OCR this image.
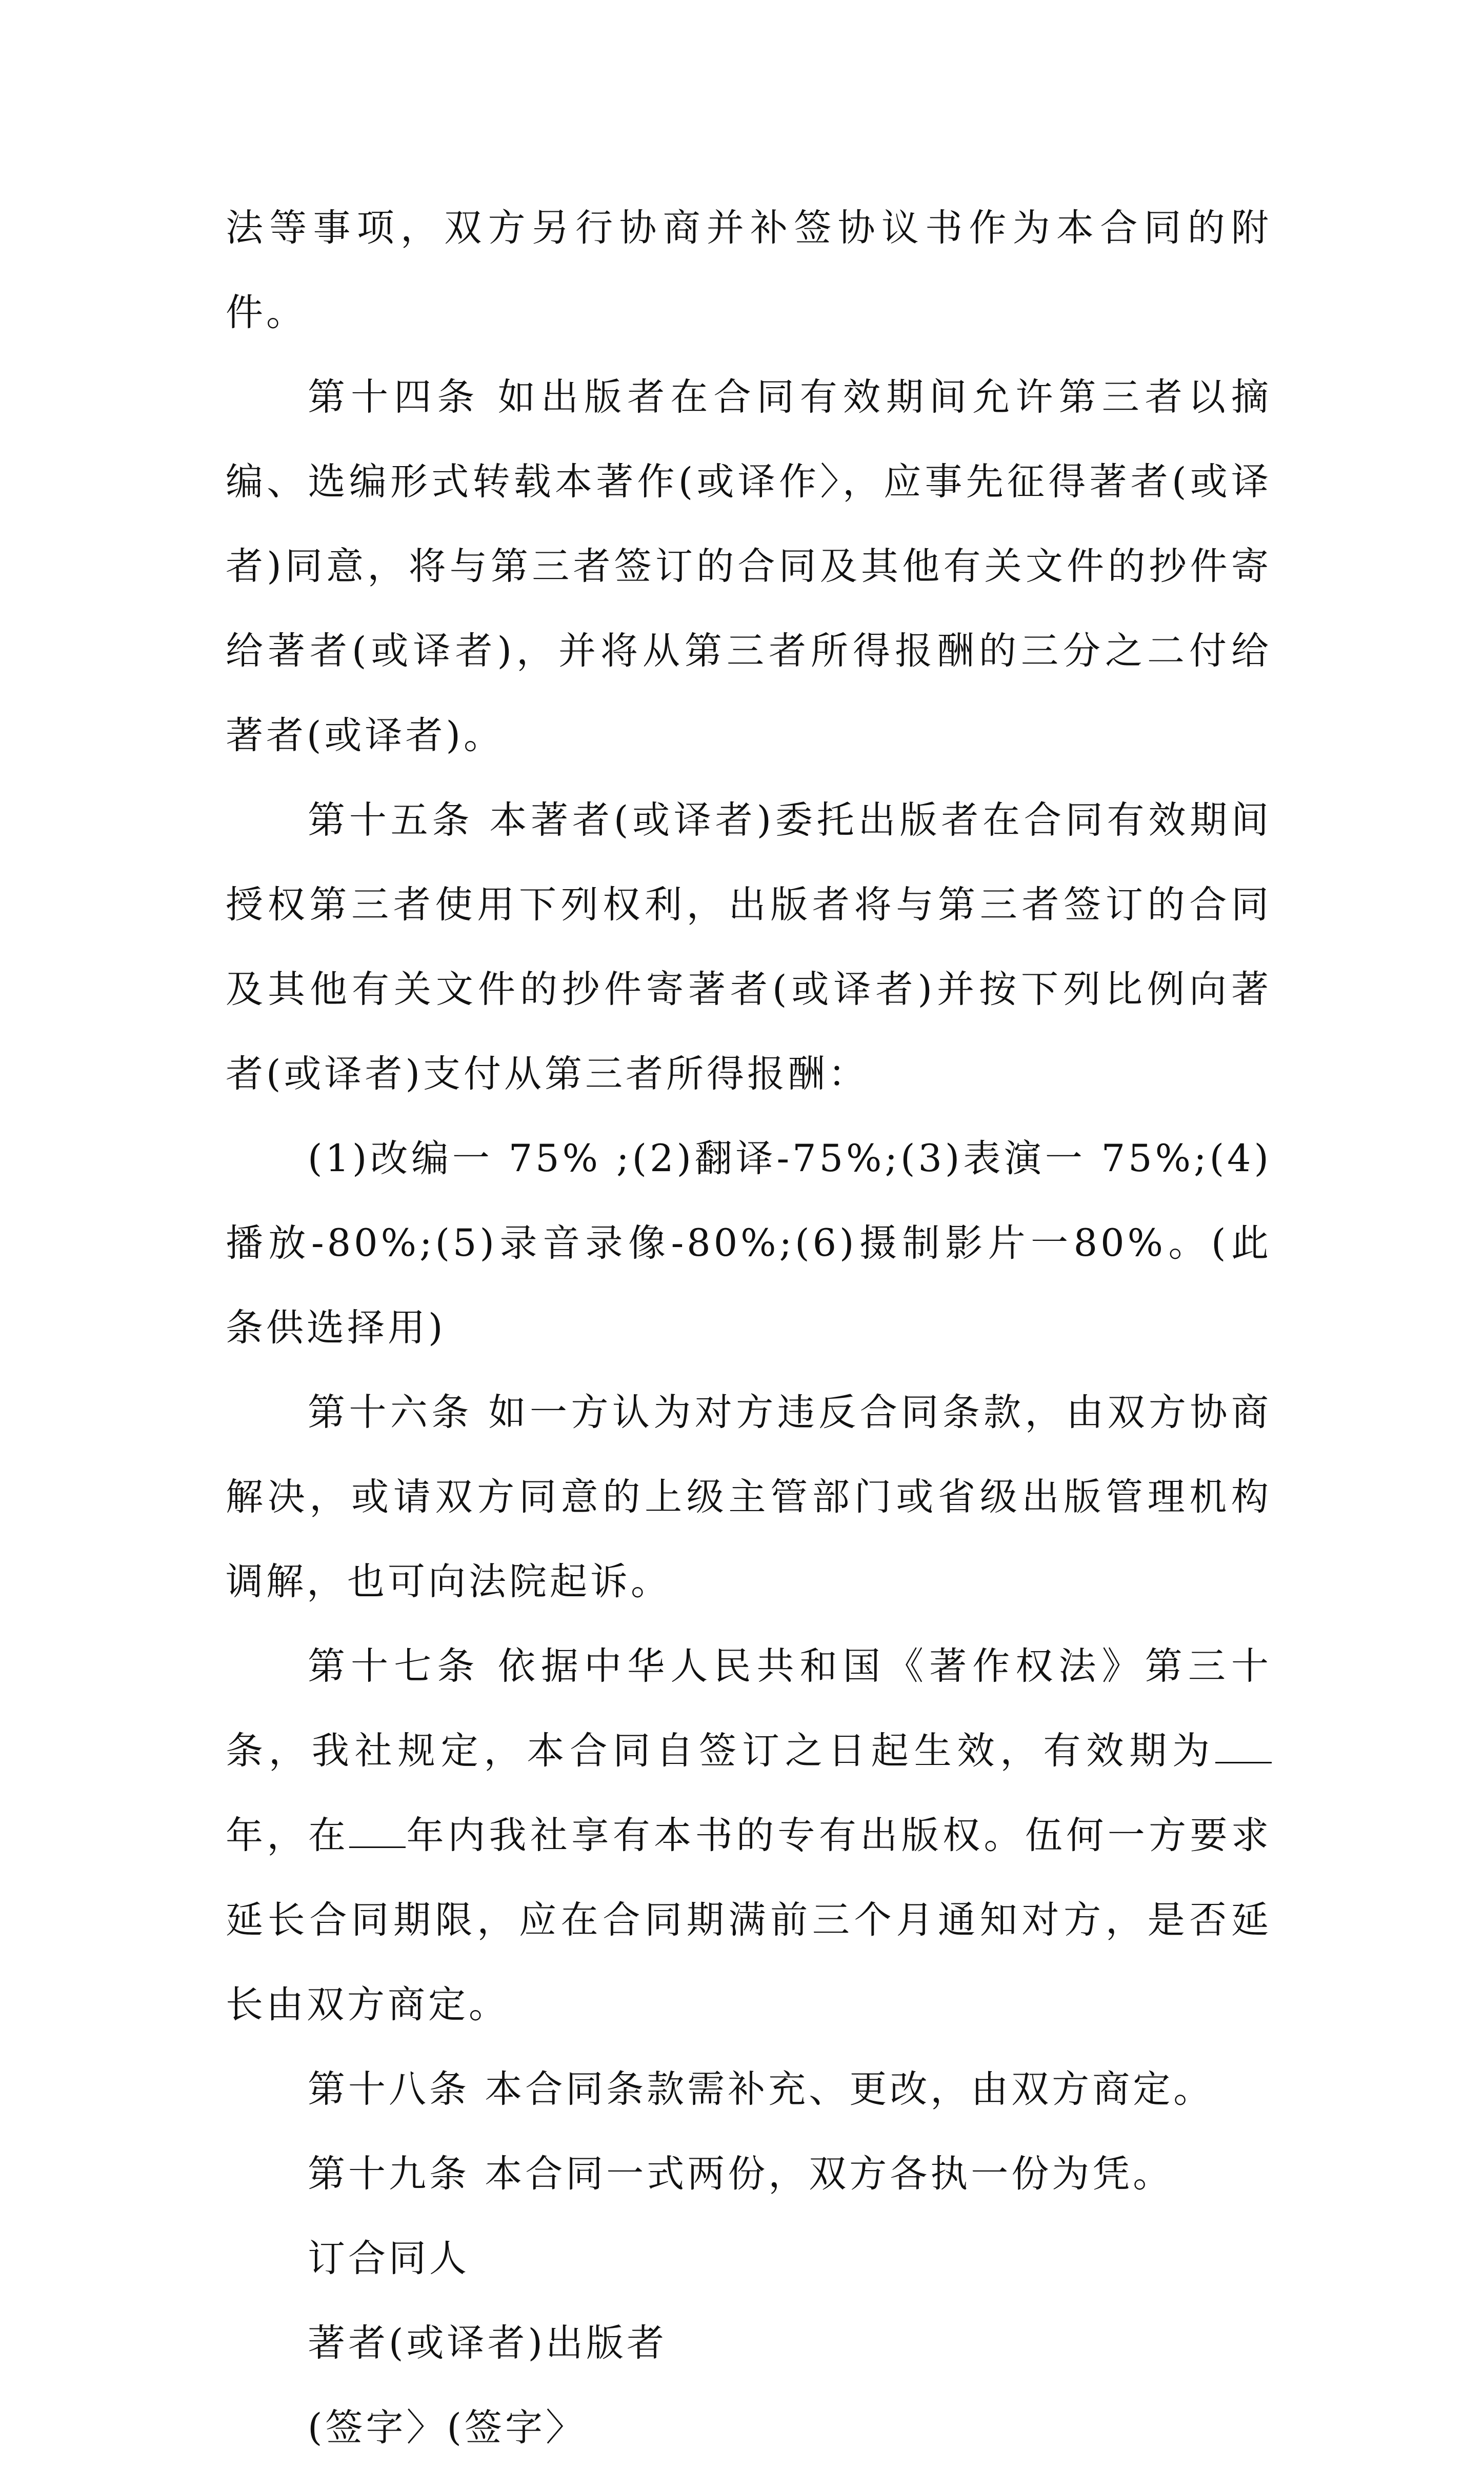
法等事项，双方另行协商并补签协议书作为本合同的附件。

第十四条 如出版者在合同有效期间允许第三者以摘编、选编形式转载本著作(或译作〉，应事先征得著者(或译者)同意，将与第三者签订的合同及其他有关文件的抄件寄给著者(或译者)，并将从第三者所得报酬的三分之二付给著者(或译者)。

第十五条 本著者(或译者)委托出版者在合同有效期间授权第三者使用下列权利，出版者将与第三者签订的合同及其他有关文件的抄件寄著者(或译者)并按下列比例向著者(或译者)支付从第三者所得报酬：

(1)改编一 75% ;(2)翻译-75%;(3)表演一 75%;(4)播放-80%;(5)录音录像-80%;(6)摄制影片一80%。(此条供选择用)

第十六条 如一方认为对方违反合同条款，由双方协商解决，或请双方同意的上级主管部门或省级出版管理机构调解，也可向法院起诉。

第十七条 依据中华人民共和国《著作权法》第三十条，我社规定，本合同自签订之日起生效，有效期为年，在 年内我社享有本书的专有出版权。伍何一方要求延长合同期限，应在合同期满前三个月通知对方，是否延长由双方商定。

第十八条 本合同条款需补充、更改，由双方商定。

第十九条 本合同一式两份，双方各执一份为凭。

订合同人

著者(或译者)出版者

(签字〉(签字〉
